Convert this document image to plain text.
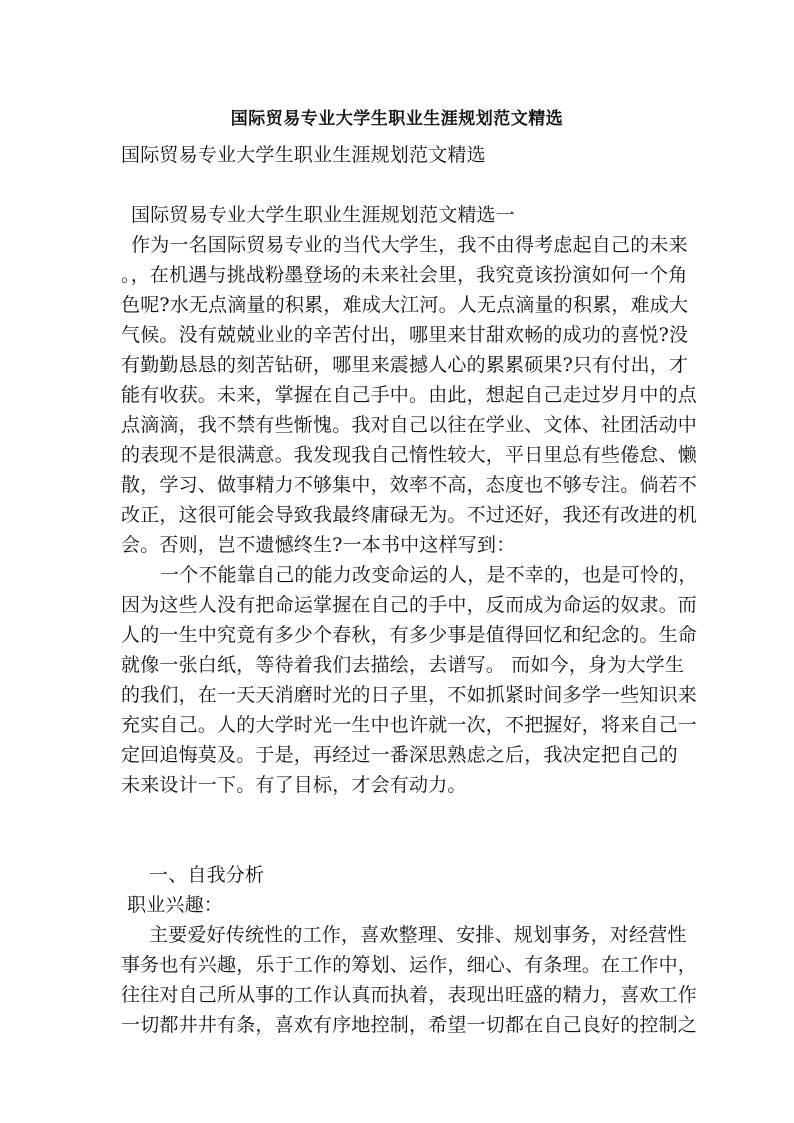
国际贸易专业大学生职业生涯规划范文精选
国际贸易专业大学生职业生涯规划范文精选
国际贸易专业大学生职业生涯规划范文精选一
作为一名国际贸易专业的当代大学生，我不由得考虑起自己的未来
。，在机遇与挑战粉墨登场的未来社会里，我究竟该扮演如何一个角
色呢?水无点滴量的积累，难成大江河。人无点滴量的积累，难成大
气候。没有兢兢业业的辛苦付出，哪里来甘甜欢畅的成功的喜悦?没
有勤勤恳恳的刻苦钻研，哪里来震撼人心的累累硕果?只有付出，才
能有收获。未来，掌握在自己手中。由此，想起自己走过岁月中的点
点滴滴，我不禁有些惭愧。我对自己以往在学业、文体、社团活动中
的表现不是很满意。我发现我自己惰性较大，平日里总有些倦怠、懒
散，学习、做事精力不够集中，效率不高，态度也不够专注。倘若不
改正，这很可能会导致我最终庸碌无为。不过还好，我还有改进的机
会。否则，岂不遗憾终生?一本书中这样写到：
一个不能靠自己的能力改变命运的人，是不幸的，也是可怜的，
因为这些人没有把命运掌握在自己的手中，反而成为命运的奴隶。而
人的一生中究竟有多少个春秋，有多少事是值得回忆和纪念的。生命
就像一张白纸，等待着我们去描绘，去谱写。 而如今，身为大学生
的我们，在一天天消磨时光的日子里，不如抓紧时间多学一些知识来
充实自己。人的大学时光一生中也许就一次，不把握好，将来自己一
定回追悔莫及。于是，再经过一番深思熟虑之后，我决定把自己的
未来设计一下。有了目标，才会有动力。
一、自我分析
职业兴趣：
主要爱好传统性的工作，喜欢整理、安排、规划事务，对经营性
事务也有兴趣，乐于工作的筹划、运作，细心、有条理。在工作中，
往往对自己所从事的工作认真而执着，表现出旺盛的精力，喜欢工作
一切都井井有条，喜欢有序地控制，希望一切都在自己良好的控制之
